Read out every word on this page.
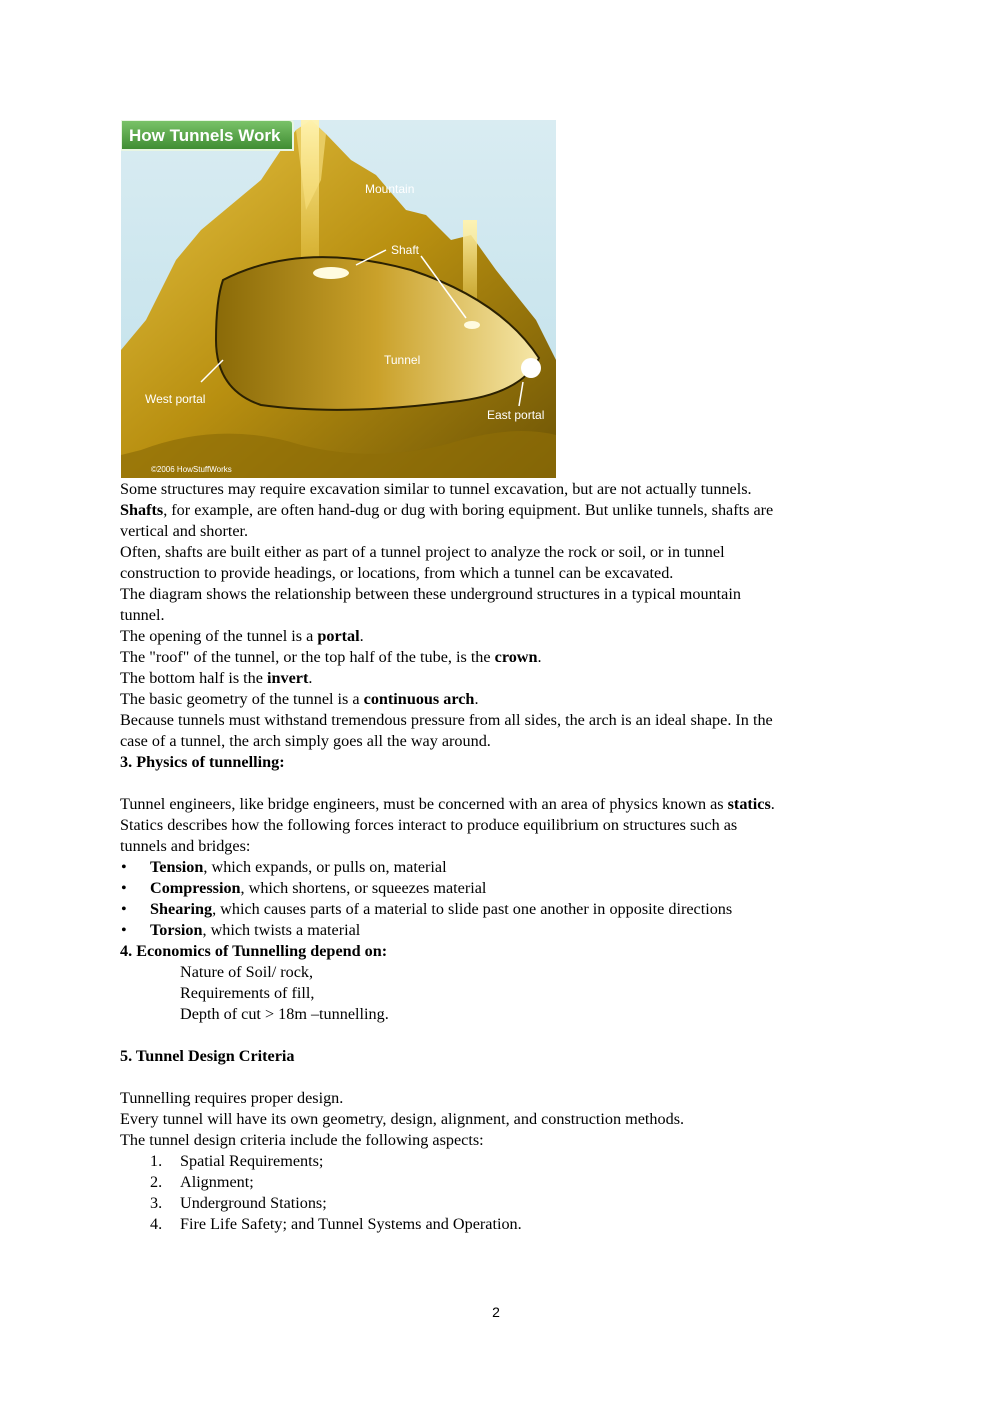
How Tunnels Work
Mountain
Shaft
Tunnel
West portal
East portal
©2006 HowStuffWorks

Some structures may require excavation similar to tunnel excavation, but are not actually tunnels.

Shafts, for example, are often hand-dug or dug with boring equipment. But unlike tunnels, shafts are

vertical and shorter.

Often, shafts are built either as part of a tunnel project to analyze the rock or soil, or in tunnel

construction to provide headings, or locations, from which a tunnel can be excavated.

The diagram shows the relationship between these underground structures in a typical mountain

tunnel.

The opening of the tunnel is a portal.

The "roof" of the tunnel, or the top half of the tube, is the crown.

The bottom half is the invert.

The basic geometry of the tunnel is a continuous arch.

Because tunnels must withstand tremendous pressure from all sides, the arch is an ideal shape. In the

case of a tunnel, the arch simply goes all the way around.

3. Physics of tunnelling:

Tunnel engineers, like bridge engineers, must be concerned with an area of physics known as statics.

Statics describes how the following forces interact to produce equilibrium on structures such as

tunnels and bridges:

• Tension, which expands, or pulls on, material

• Compression, which shortens, or squeezes material

• Shearing, which causes parts of a material to slide past one another in opposite directions

• Torsion, which twists a material

4. Economics of Tunnelling depend on:

Nature of Soil/ rock,

Requirements of fill,

Depth of cut > 18m –tunnelling.

5. Tunnel Design Criteria

Tunnelling requires proper design.

Every tunnel will have its own geometry, design, alignment, and construction methods.

The tunnel design criteria include the following aspects:

1. Spatial Requirements;

2. Alignment;

3. Underground Stations;

4. Fire Life Safety; and Tunnel Systems and Operation.

2
